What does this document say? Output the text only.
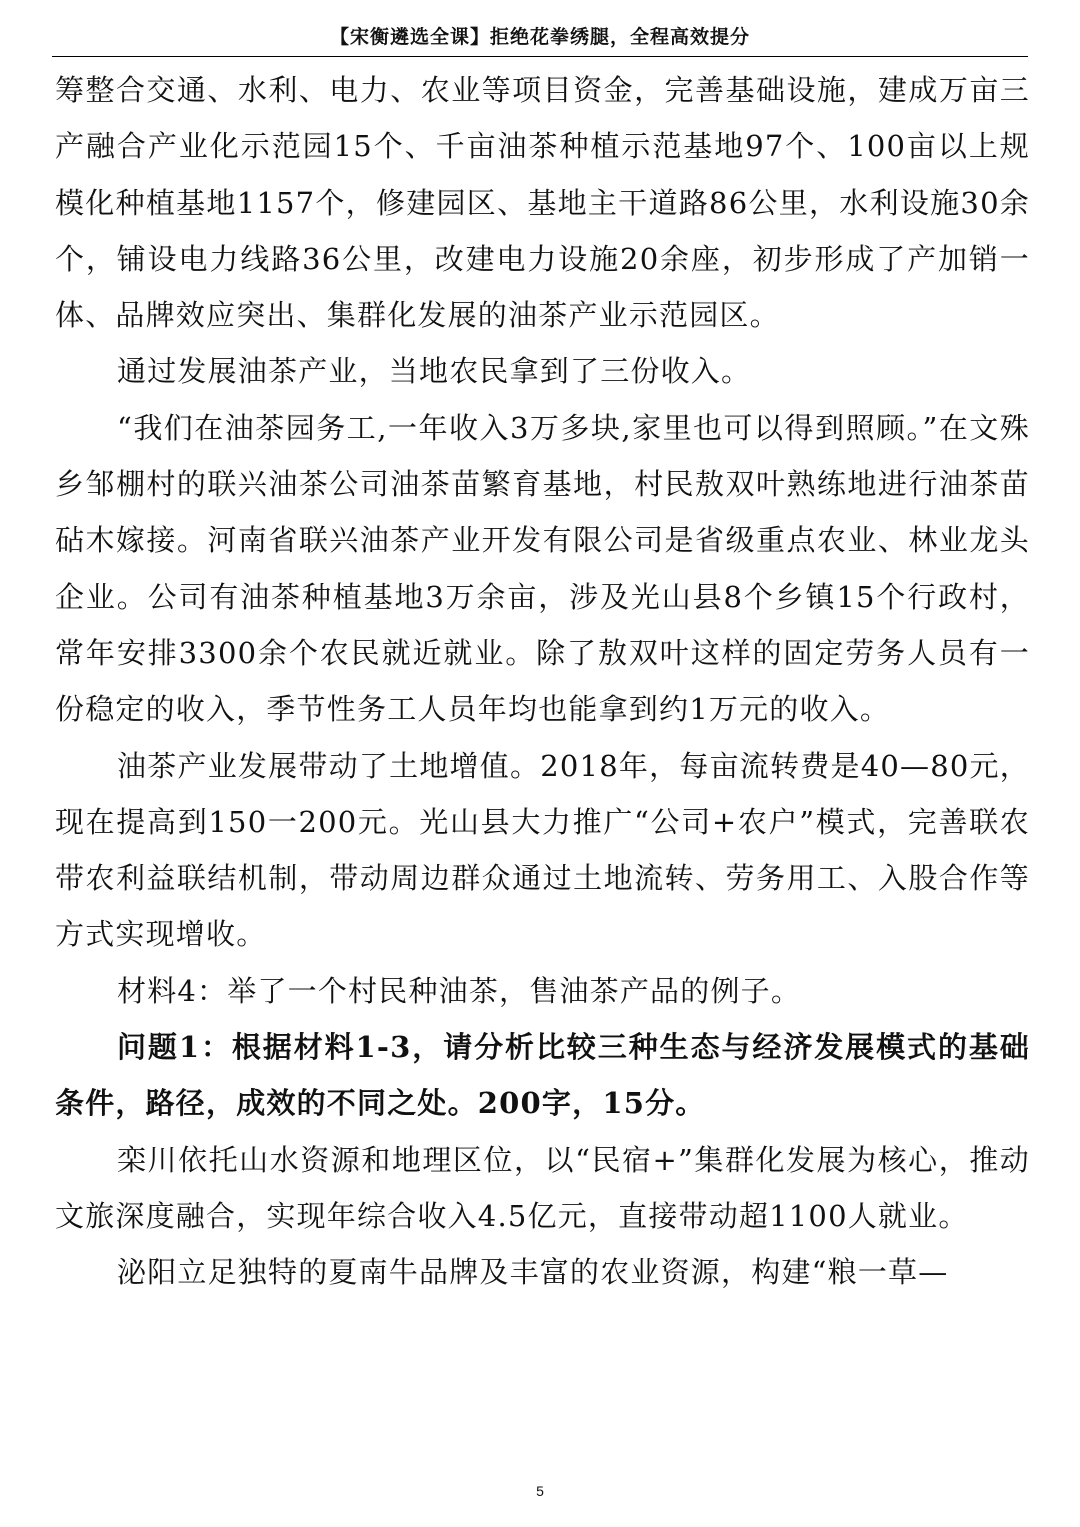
【宋衡遴选全课】拒绝花拳绣腿，全程高效提分

筹整合交通、水利、电力、农业等项目资金，完善基础设施，建成万亩三产融合产业化示范园15个、千亩油茶种植示范基地97个、100亩以上规模化种植基地1157个，修建园区、基地主干道路86公里，水利设施30余个，铺设电力线路36公里，改建电力设施20余座，初步形成了产加销一体、品牌效应突出、集群化发展的油茶产业示范园区。

通过发展油茶产业，当地农民拿到了三份收入。

“我们在油茶园务工,一年收入3万多块,家里也可以得到照顾。”在文殊乡邹棚村的联兴油茶公司油茶苗繁育基地，村民敖双叶熟练地进行油茶苗砧木嫁接。河南省联兴油茶产业开发有限公司是省级重点农业、林业龙头企业。公司有油茶种植基地3万余亩，涉及光山县8个乡镇15个行政村，常年安排3300余个农民就近就业。除了敖双叶这样的固定劳务人员有一份稳定的收入，季节性务工人员年均也能拿到约1万元的收入。

油茶产业发展带动了土地增值。2018年，每亩流转费是40—80元，现在提高到150一200元。光山县大力推广“公司+农户”模式，完善联农带农利益联结机制，带动周边群众通过土地流转、劳务用工、入股合作等方式实现增收。

材料4：举了一个村民种油茶，售油茶产品的例子。

问题1：根据材料1-3，请分析比较三种生态与经济发展模式的基础条件，路径，成效的不同之处。200字，15分。

栾川依托山水资源和地理区位，以“民宿+”集群化发展为核心，推动文旅深度融合，实现年综合收入4.5亿元，直接带动超1100人就业。

泌阳立足独特的夏南牛品牌及丰富的农业资源，构建“粮一草—

5
